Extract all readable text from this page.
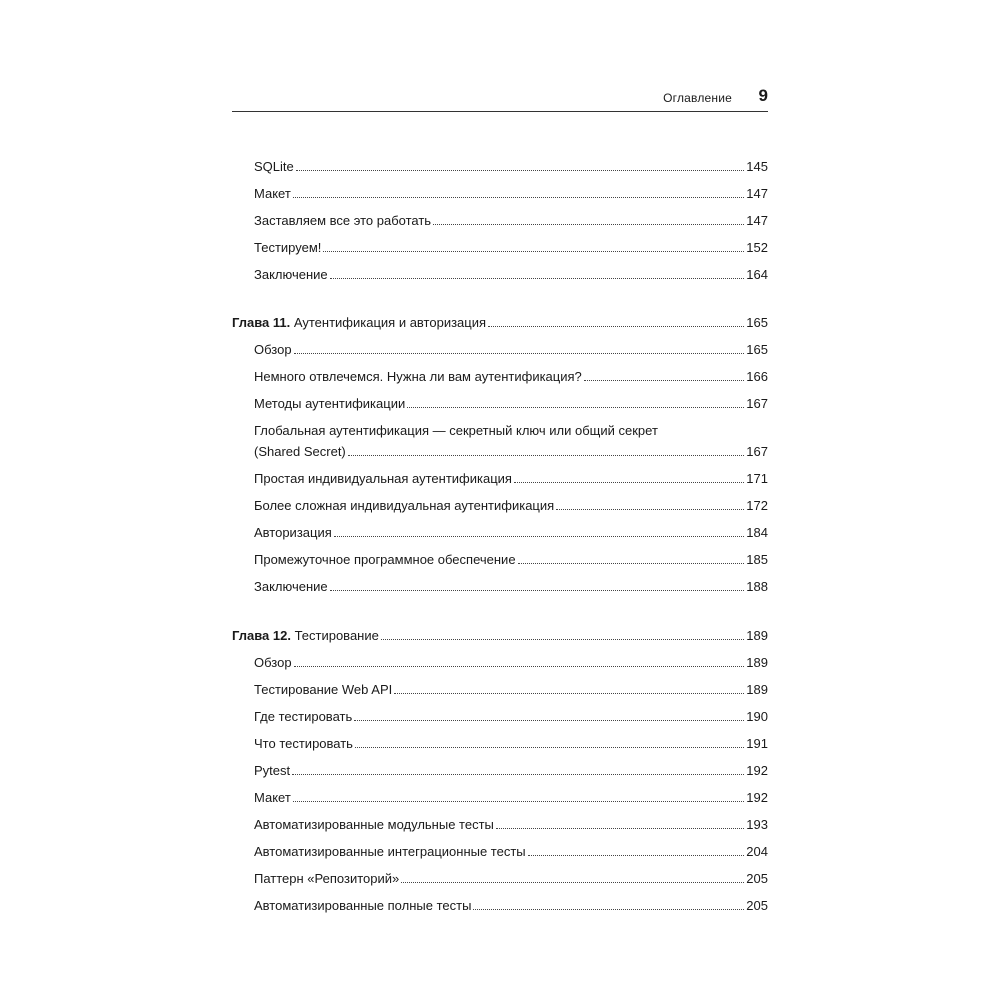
Оглавление 9
SQLite	145
Макет	147
Заставляем все это работать	147
Тестируем!	152
Заключение	164
Глава 11. Аутентификация и авторизация	165
Обзор	165
Немного отвлечемся. Нужна ли вам аутентификация?	166
Методы аутентификации	167
Глобальная аутентификация — секретный ключ или общий секрет
(Shared Secret)	167
Простая индивидуальная аутентификация	171
Более сложная индивидуальная аутентификация	172
Авторизация	184
Промежуточное программное обеспечение	185
Заключение	188
Глава 12. Тестирование	189
Обзор	189
Тестирование Web API	189
Где тестировать	190
Что тестировать	191
Pytest	192
Макет	192
Автоматизированные модульные тесты	193
Автоматизированные интеграционные тесты	204
Паттерн «Репозиторий»	205
Автоматизированные полные тесты	205
